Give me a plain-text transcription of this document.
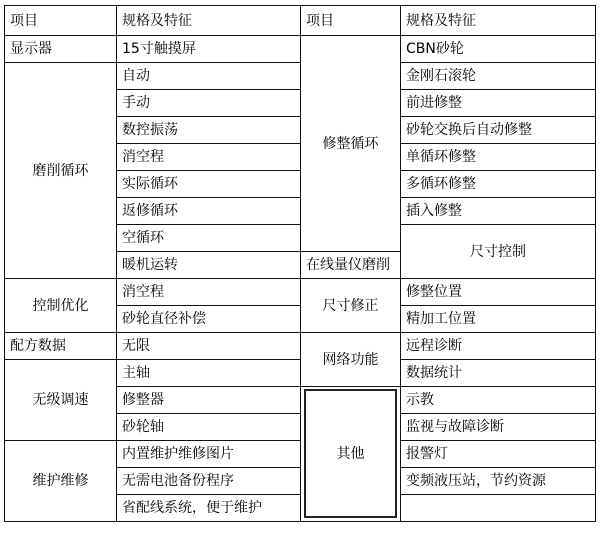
项目	规格及特征	项目	规格及特征	
显示器	15寸触摸屏	修整循环	CBN砂轮	
磨削循环	自动		金刚石滚轮	
	手动		前进修整	
	数控振荡		砂轮交换后自动修整	
	消空程		单循环修整	
	实际循环		多循环修整	
	返修循环		插入修整	
	空循环		尺寸控制	
	暖机运转	在线量仪磨削		
控制优化	消空程	尺寸修正	修整位置	
	砂轮直径补偿		精加工位置	
配方数据	无限	网络功能	远程诊断	
无级调速	主轴		数据统计	
	修整器	其他	示教	
	砂轮轴		监视与故障诊断	
维护维修	内置维护维修图片		报警灯	
	无需电池备份程序		变频液压站，节约资源	
	省配线系统，便于维护			
